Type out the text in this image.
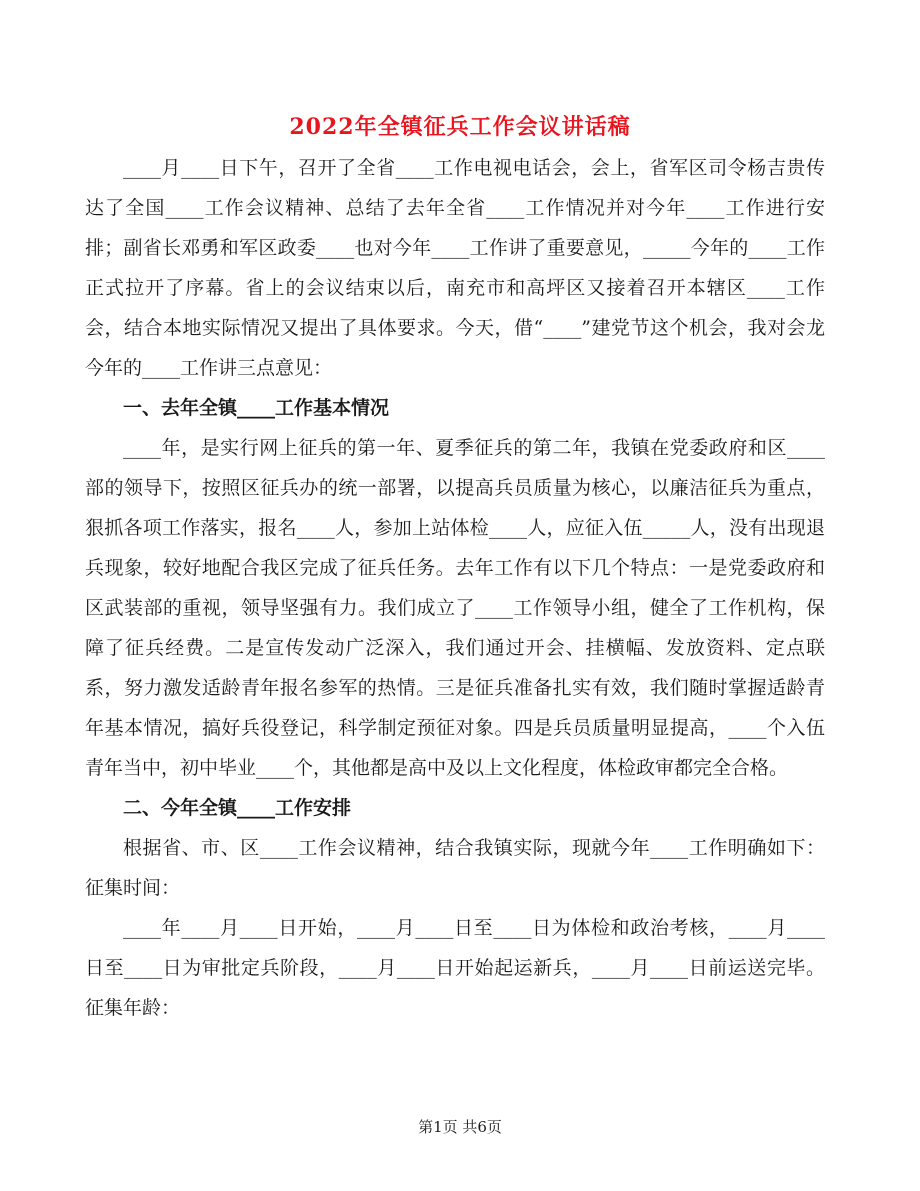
2022年全镇征兵工作会议讲话稿

____月____日下午，召开了全省____工作电视电话会，会上，省军区司令杨吉贵传达了全国____工作会议精神、总结了去年全省____工作情况并对今年____工作进行安排；副省长邓勇和军区政委____也对今年____工作讲了重要意见，_____今年的____工作正式拉开了序幕。省上的会议结束以后，南充市和高坪区又接着召开本辖区____工作会，结合本地实际情况又提出了具体要求。今天，借“____”建党节这个机会，我对会龙今年的____工作讲三点意见：

一、去年全镇____工作基本情况

____年，是实行网上征兵的第一年、夏季征兵的第二年，我镇在党委政府和区____部的领导下，按照区征兵办的统一部署，以提高兵员质量为核心，以廉洁征兵为重点，狠抓各项工作落实，报名____人，参加上站体检____人，应征入伍_____人，没有出现退兵现象，较好地配合我区完成了征兵任务。去年工作有以下几个特点：一是党委政府和区武装部的重视，领导坚强有力。我们成立了____工作领导小组，健全了工作机构，保障了征兵经费。二是宣传发动广泛深入，我们通过开会、挂横幅、发放资料、定点联系，努力激发适龄青年报名参军的热情。三是征兵准备扎实有效，我们随时掌握适龄青年基本情况，搞好兵役登记，科学制定预征对象。四是兵员质量明显提高，____个入伍青年当中，初中毕业____个，其他都是高中及以上文化程度，体检政审都完全合格。

二、今年全镇____工作安排

根据省、市、区____工作会议精神，结合我镇实际，现就今年____工作明确如下：征集时间：

____年____月____日开始，____月____日至____日为体检和政治考核，____月____日至____日为审批定兵阶段，____月____日开始起运新兵，____月____日前运送完毕。征集年龄：

第1页 共6页
